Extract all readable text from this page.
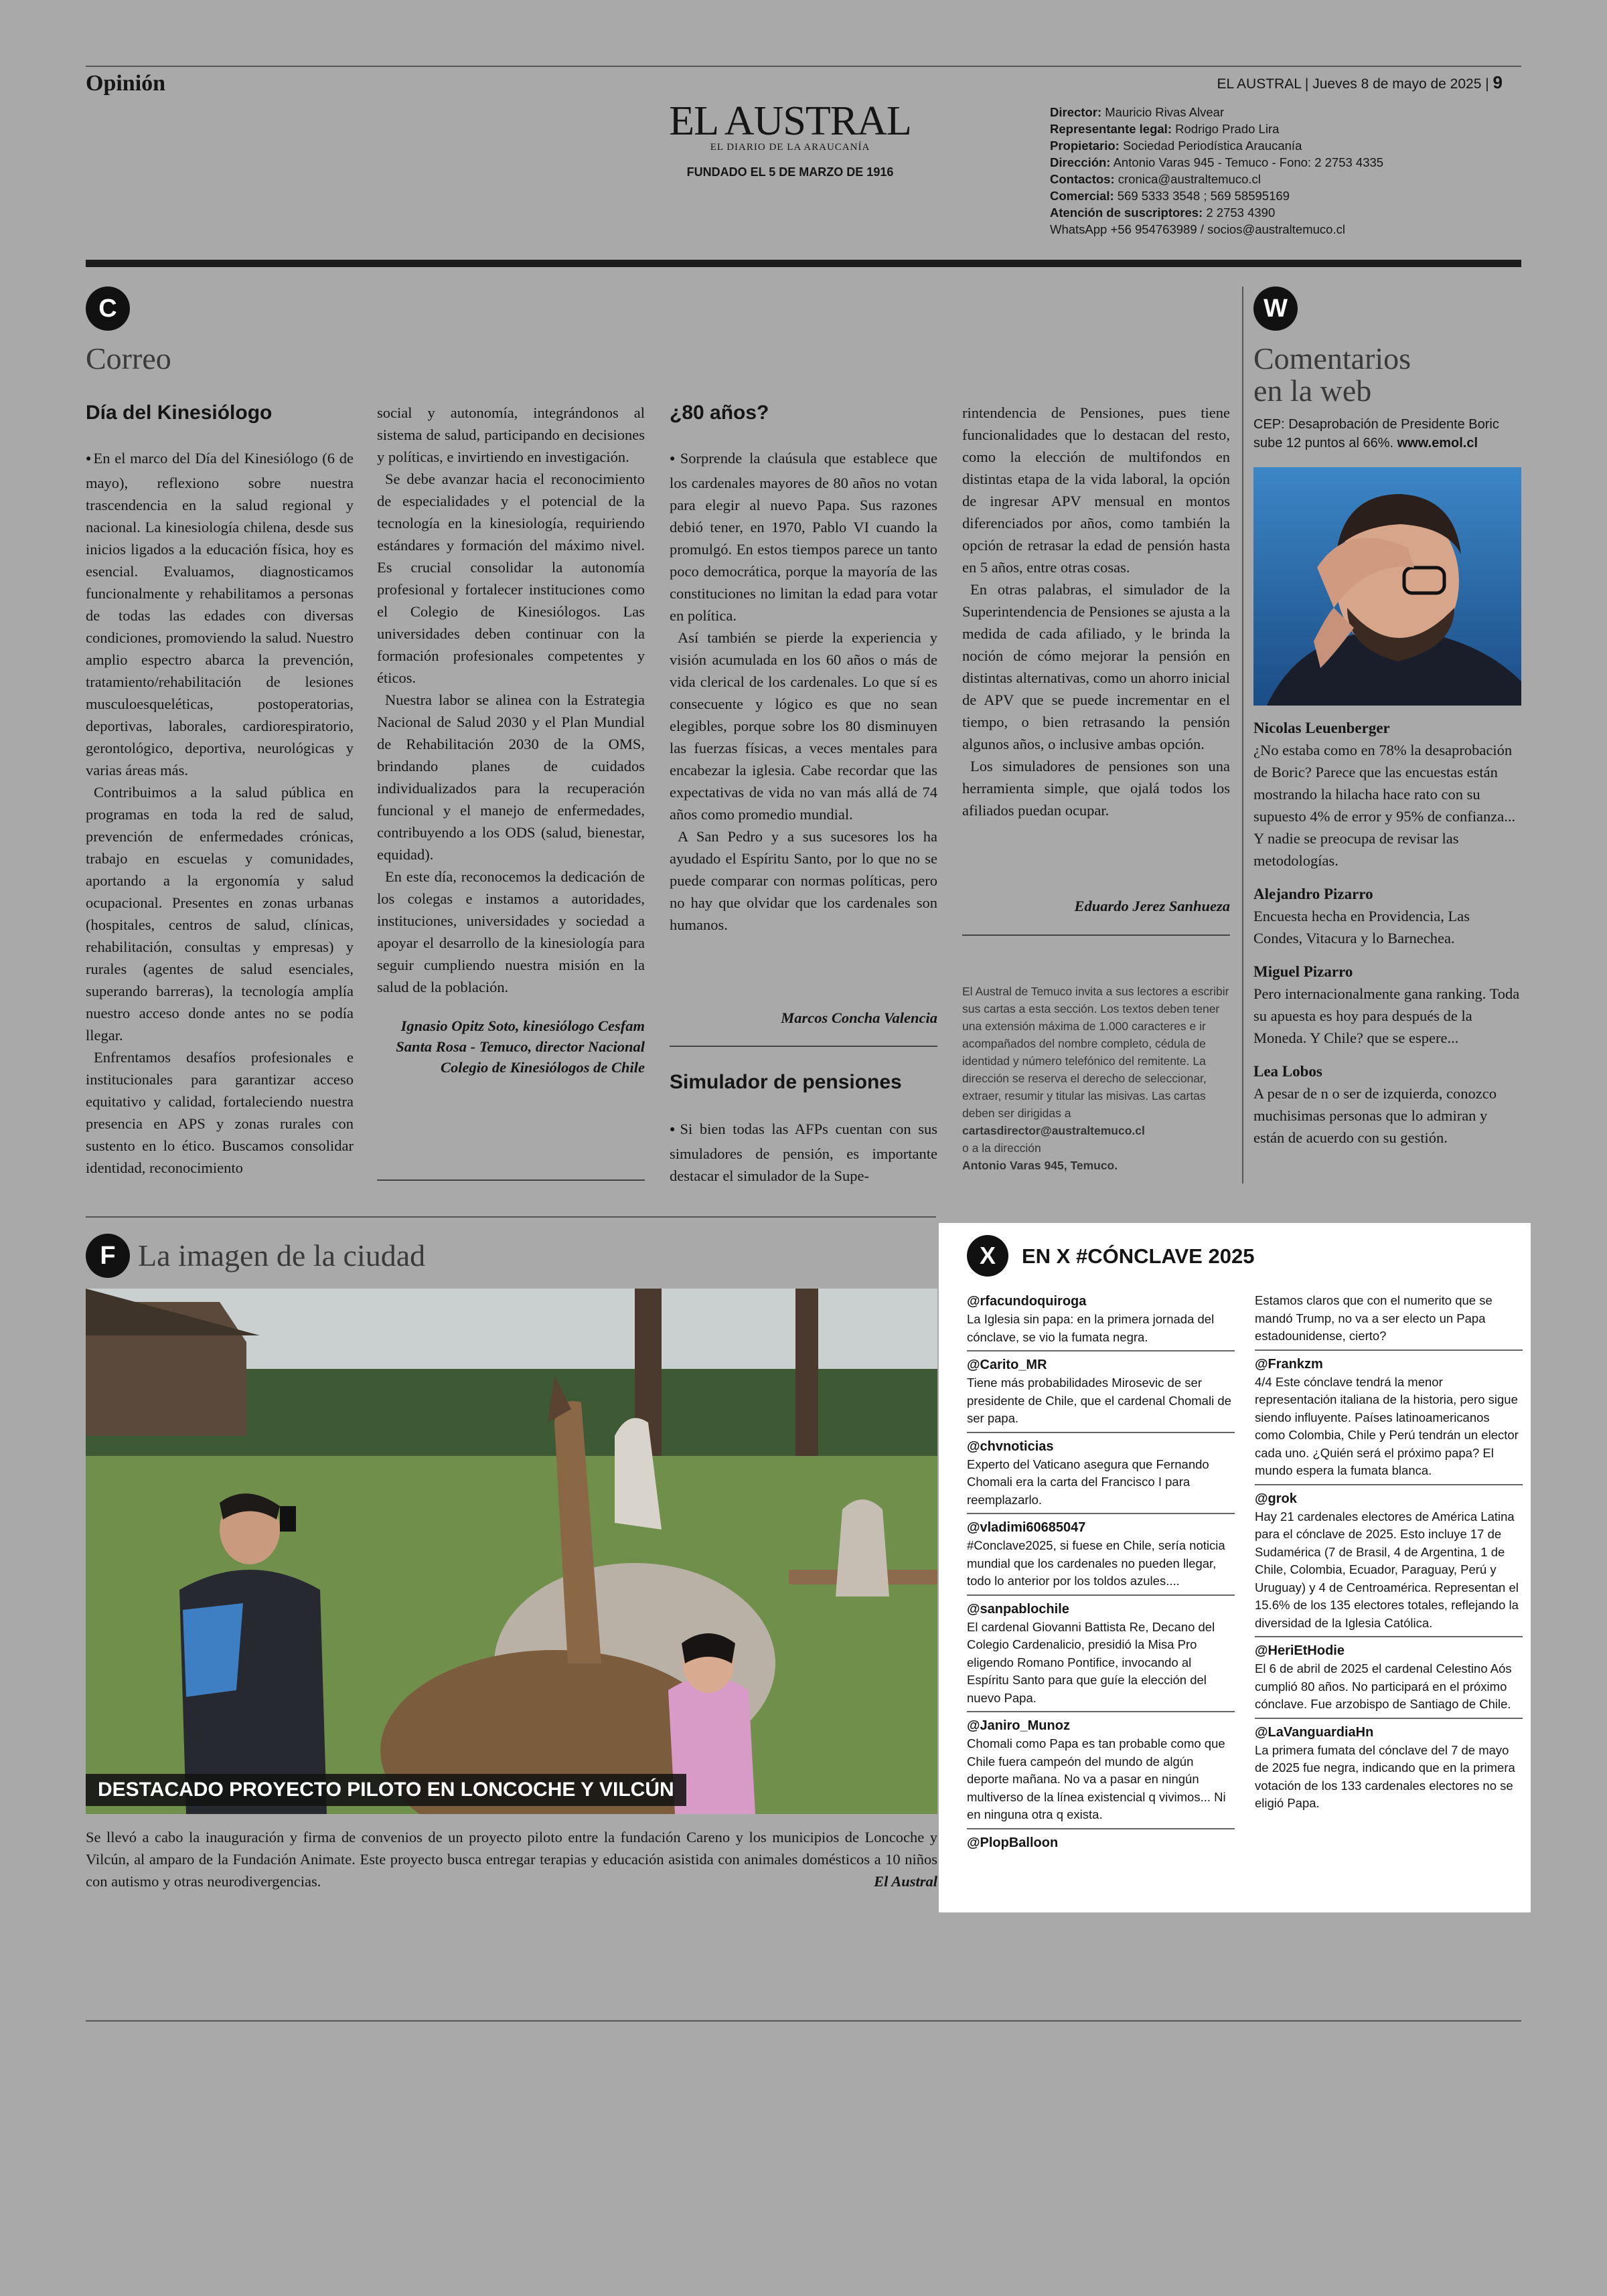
Opinión	EL AUSTRAL | Jueves 8 de mayo de 2025 | 9
EL AUSTRAL
EL DIARIO DE LA ARAUCANÍA
FUNDADO EL 5 DE MARZO DE 1916
Director: Mauricio Rivas Alvear
Representante legal: Rodrigo Prado Lira
Propietario: Sociedad Periodística Araucanía
Dirección: Antonio Varas 945 - Temuco - Fono: 2 2753 4335
Contactos: cronica@australtemuco.cl
Comercial: 569 5333 3548 ; 569 58595169
Atención de suscriptores: 2 2753 4390
WhatsApp +56 954763989 / socios@australtemuco.cl
C
Correo
Día del Kinesiólogo

● En el marco del Día del Kinesiólogo (6 de mayo), reflexiono sobre nuestra trascendencia en la salud regional y nacional. La kinesiología chilena, desde sus inicios ligados a la educación física, hoy es esencial. Evaluamos, diagnosticamos funcionalmente y rehabilitamos a personas de todas las edades con diversas condiciones, promoviendo la salud. Nuestro amplio espectro abarca la prevención, tratamiento/rehabilitación de lesiones musculoesqueléticas, postoperatorias, deportivas, laborales, cardiorespiratorio, gerontológico, deportiva, neurológicas y varias áreas más.

Contribuimos a la salud pública en programas en toda la red de salud, prevención de enfermedades crónicas, trabajo en escuelas y comunidades, aportando a la ergonomía y salud ocupacional. Presentes en zonas urbanas (hospitales, centros de salud, clínicas, rehabilitación, consultas y empresas) y rurales (agentes de salud esenciales, superando barreras), la tecnología amplía nuestro acceso donde antes no se podía llegar.

Enfrentamos desafíos profesionales e institucionales para garantizar acceso equitativo y calidad, fortaleciendo nuestra presencia en APS y zonas rurales con sustento en lo ético. Buscamos consolidar identidad, reconocimiento

social y autonomía, integrándonos al sistema de salud, participando en decisiones y políticas, e invirtiendo en investigación.

Se debe avanzar hacia el reconocimiento de especialidades y el potencial de la tecnología en la kinesiología, requiriendo estándares y formación del máximo nivel. Es crucial consolidar la autonomía profesional y fortalecer instituciones como el Colegio de Kinesiólogos. Las universidades deben continuar con la formación profesionales competentes y éticos.

Nuestra labor se alinea con la Estrategia Nacional de Salud 2030 y el Plan Mundial de Rehabilitación 2030 de la OMS, brindando planes de cuidados individualizados para la recuperación funcional y el manejo de enfermedades, contribuyendo a los ODS (salud, bienestar, equidad).

En este día, reconocemos la dedicación de los colegas e instamos a autoridades, instituciones, universidades y sociedad a apoyar el desarrollo de la kinesiología para seguir cumpliendo nuestra misión en la salud de la población.

Ignasio Opitz Soto, kinesiólogo Cesfam Santa Rosa - Temuco, director Nacional Colegio de Kinesiólogos de Chile
¿80 años?

● Sorprende la claúsula que establece que los cardenales mayores de 80 años no votan para elegir al nuevo Papa. Sus razones debió tener, en 1970, Pablo VI cuando la promulgó. En estos tiempos parece un tanto poco democrática, porque la mayoría de las constituciones no limitan la edad para votar en política.

Así también se pierde la experiencia y visión acumulada en los 60 años o más de vida clerical de los cardenales. Lo que sí es consecuente y lógico es que no sean elegibles, porque sobre los 80 disminuyen las fuerzas físicas, a veces mentales para encabezar la iglesia. Cabe recordar que las expectativas de vida no van más allá de 74 años como promedio mundial.

A San Pedro y a sus sucesores los ha ayudado el Espíritu Santo, por lo que no se puede comparar con normas políticas, pero no hay que olvidar que los cardenales son humanos.

Marcos Concha Valencia
Simulador de pensiones

● Si bien todas las AFPs cuentan con sus simuladores de pensión, es importante destacar el simulador de la Supe-

rintendencia de Pensiones, pues tiene funcionalidades que lo destacan del resto, como la elección de multifondos en distintas etapa de la vida laboral, la opción de ingresar APV mensual en montos diferenciados por años, como también la opción de retrasar la edad de pensión hasta en 5 años, entre otras cosas.

En otras palabras, el simulador de la Superintendencia de Pensiones se ajusta a la medida de cada afiliado, y le brinda la noción de cómo mejorar la pensión en distintas alternativas, como un ahorro inicial de APV que se puede incrementar en el tiempo, o bien retrasando la pensión algunos años, o inclusive ambas opción.

Los simuladores de pensiones son una herramienta simple, que ojalá todos los afiliados puedan ocupar.

Eduardo Jerez Sanhueza
El Austral de Temuco invita a sus lectores a escribir sus cartas a esta sección. Los textos deben tener una extensión máxima de 1.000 caracteres e ir acompañados del nombre completo, cédula de identidad y número telefónico del remitente. La dirección se reserva el derecho de seleccionar, extraer, resumir y titular las misivas. Las cartas deben ser dirigidas a
cartasdirector@australtemuco.cl
o a la dirección
Antonio Varas 945, Temuco.
W
Comentarios
en la web
CEP: Desaprobación de Presidente Boric sube 12 puntos al 66%. www.emol.cl
Nicolas Leuenberger
¿No estaba como en 78% la desaprobación de Boric? Parece que las encuestas están mostrando la hilacha hace rato con su supuesto 4% de error y 95% de confianza... Y nadie se preocupa de revisar las metodologías.
Alejandro Pizarro
Encuesta hecha en Providencia, Las Condes, Vitacura y lo Barnechea.
Miguel Pizarro
Pero internacionalmente gana ranking. Toda su apuesta es hoy para después de la Moneda. Y Chile? que se espere...
Lea Lobos
A pesar de n o ser de izquierda, conozco muchisimas personas que lo admiran y están de acuerdo con su gestión.
F La imagen de la ciudad
DESTACADO PROYECTO PILOTO EN LONCOCHE Y VILCÚN
Se llevó a cabo la inauguración y firma de convenios de un proyecto piloto entre la fundación Careno y los municipios de Loncoche y Vilcún, al amparo de la Fundación Animate. Este proyecto busca entregar terapias y educación asistida con animales domésticos a 10 niños con autismo y otras neurodivergencias.	El Austral
X	EN X #CÓNCLAVE 2025
@rfacundoquiroga
La Iglesia sin papa: en la primera jornada del cónclave, se vio la fumata negra.
@Carito_MR
Tiene más probabilidades Mirosevic de ser presidente de Chile, que el cardenal Chomali de ser papa.
@chvnoticias
Experto del Vaticano asegura que Fernando Chomali era la carta del Francisco I para reemplazarlo.
@vladimi60685047
#Conclave2025, si fuese en Chile, sería noticia mundial que los cardenales no pueden llegar, todo lo anterior por los toldos azules....
@sanpablochile
El cardenal Giovanni Battista Re, Decano del Colegio Cardenalicio, presidió la Misa Pro eligendo Romano Pontifice, invocando al Espíritu Santo para que guíe la elección del nuevo Papa.
@Janiro_Munoz
Chomali como Papa es tan probable como que Chile fuera campeón del mundo de algún deporte mañana. No va a pasar en ningún multiverso de la línea existencial q vivimos... Ni en ninguna otra q exista.
@PlopBalloon
Estamos claros que con el numerito que se mandó Trump, no va a ser electo un Papa estadounidense, cierto?
@Frankzm
4/4 Este cónclave tendrá la menor representación italiana de la historia, pero sigue siendo influyente. Países latinoamericanos como Colombia, Chile y Perú tendrán un elector cada uno. ¿Quién será el próximo papa? El mundo espera la fumata blanca.
@grok
Hay 21 cardenales electores de América Latina para el cónclave de 2025. Esto incluye 17 de Sudamérica (7 de Brasil, 4 de Argentina, 1 de Chile, Colombia, Ecuador, Paraguay, Perú y Uruguay) y 4 de Centroamérica. Representan el 15.6% de los 135 electores totales, reflejando la diversidad de la Iglesia Católica.
@HeriEtHodie
El 6 de abril de 2025 el cardenal Celestino Aós cumplió 80 años. No participará en el próximo cónclave. Fue arzobispo de Santiago de Chile.
@LaVanguardiaHn
La primera fumata del cónclave del 7 de mayo de 2025 fue negra, indicando que en la primera votación de los 133 cardenales electores no se eligió Papa.
